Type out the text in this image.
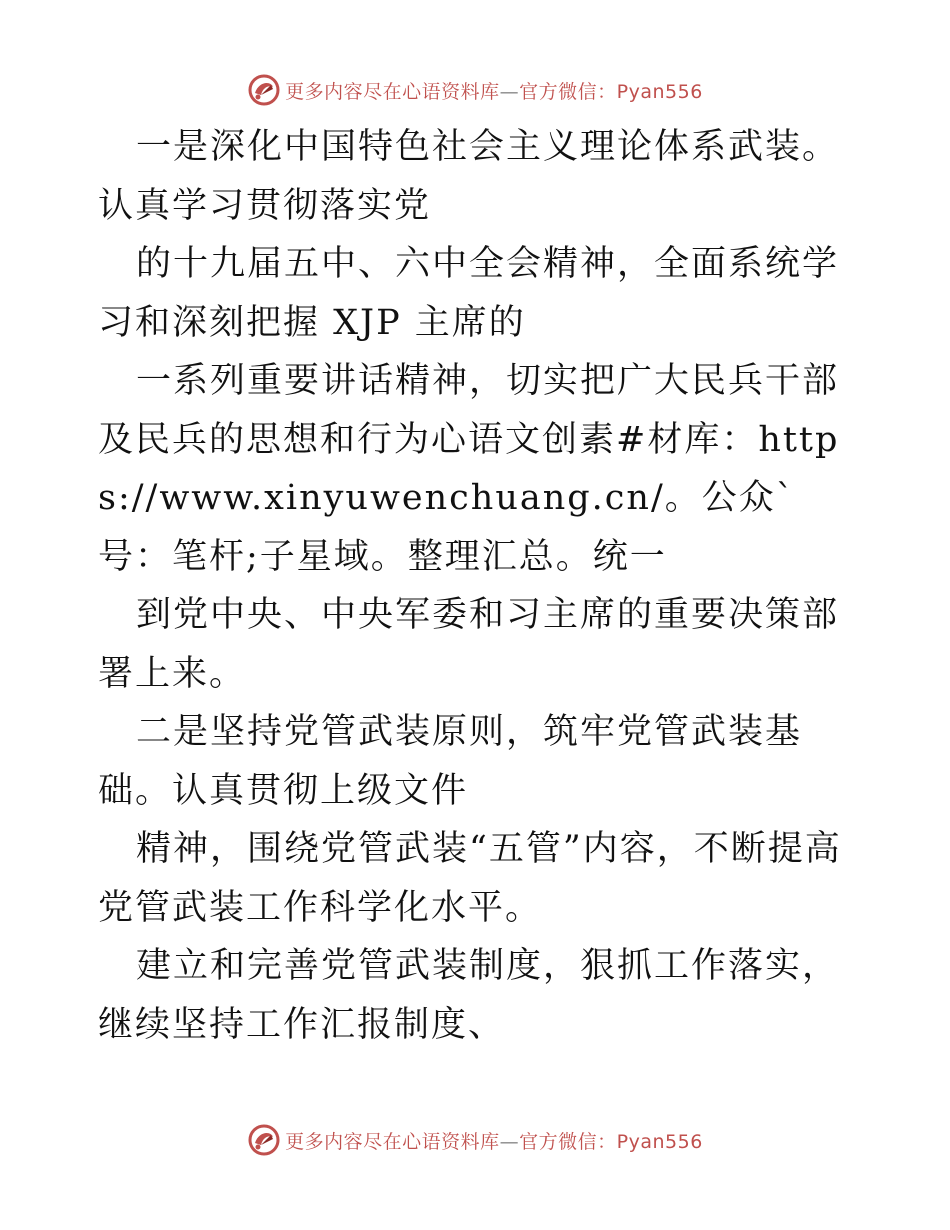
更多内容尽在心语资料库—官方微信：Pyan556

一是深化中国特色社会主义理论体系武装。认真学习贯彻落实党

的十九届五中、六中全会精神，全面系统学习和深刻把握 XJP 主席的

一系列重要讲话精神，切实把广大民兵干部及民兵的思想和行为心语文创素#材库：https://www.xinyuwenchuang.cn/。公众`号：笔杆;子星域。整理汇总。统一

到党中央、中央军委和习主席的重要决策部署上来。

二是坚持党管武装原则，筑牢党管武装基础。认真贯彻上级文件

精神，围绕党管武装“五管”内容，不断提高党管武装工作科学化水平。

建立和完善党管武装制度，狠抓工作落实，继续坚持工作汇报制度、

更多内容尽在心语资料库—官方微信：Pyan556
